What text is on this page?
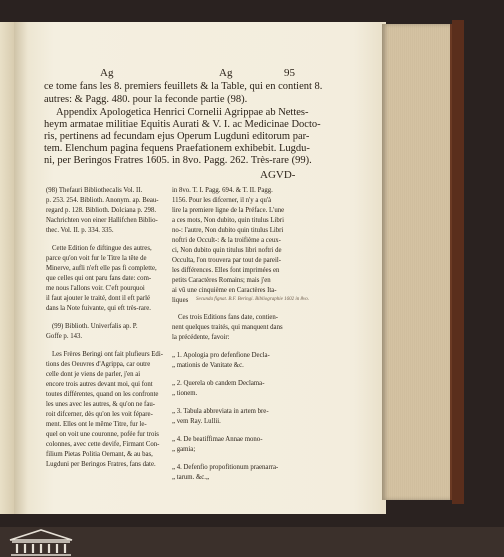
Ag	Ag	95
ce tome fans les 8. premiers feuillets & la Table, qui en contient 8.
autres: & Pagg. 480. pour la feconde partie (98).
Appendix Apologetica Henrici Cornelii Agrippae ab Nettes-
heym armatae militiae Equitis Aurati & V. I. ac Medicinae Docto-
ris, pertinens ad fecundam ejus Operum Lugduni editorum par-
tem. Elenchum pagina fequens Praefationem exhibebit. Lugdu-
ni, per Beringos Fratres 1605. in 8vo. Pagg. 262. Très-rare (99).
AGVD-
(98) Thefauri Bibliothecalis Vol. II.
p. 253. 254. Biblioth. Anonym. ap. Beau-
regard p. 128. Biblioth. Dolciana p. 298.
Nachrichten von einer Hallifchen Biblio-
thec. Vol. II. p. 334. 335.
Cette Edition fe diftingue des autres,
parce qu'on voit fur le Titre la tête de
Minerve, aufli n'eft elle pas fi complette,
que celles qui ont paru fans date: com-
me nous l'allons voir. C'eft pourquoi
il faut ajouter le traité, dont il eft parlé
dans la Note fuivante, qui eft très-rare.
(99) Biblioth. Univerfalis ap. P.
Goffe p. 143.
Les Frères Beringi ont fait plufieurs Edi-
tions des Oeuvres d'Agrippa, car outre
celle dont je viens de parler, j'en ai
encore trois autres devant moi, qui font
toutes différentes, quand on les confronte
les unes avec les autres, & qu'on ne fau-
roit difcerner, dès qu'on les voit fépare-
ment. Elles ont le même Titre, fur le-
quel on voit une couronne, pofée fur trois
colonnes, avec cette devife, Firmant Con-
filium Pietas Politia Oernant, & au bas,
Lugduni per Beringos Fratres, fans date.
in 8vo. T. I. Pagg. 694. & T. II. Pagg.
1156. Pour les difcerner, il n'y a qu'à
lire la premiere ligne de la Préface. L'une
a ces mots, Non dubito, quin titulus Libri
no-: l'autre, Non dubito quin titulus Libri
noftri de Occult-: & la troifième a ceux-
ci, Non dubito quin titulus libri noftri de
Occulta, l'on trouvera par tout de pareil-
les différences. Elles font imprimées en
petits Caractères Romains; mais j'en
ai vû une cinquième en Caractères Ita-
liques Secunda fignat. B.F. Beringi. Bibliographie 1602 in 8vo.
Ces trois Editions fans date, contien-
nent quelques traités, qui manquent dans
la précédente, favoir:
„ 1. Apologia pro defenfione Decla-
„ mationis de Vanitate &c.
„ 2. Querela ob candem Declama-
„ tionem.
„ 3. Tabula abbreviata in artem bre-
„ vem Ray. Lullii.
„ 4. De beatiffimae Annae mono-
„ gamia;
„ 4. Defenfio propofitionum praenarra-
„ tarum. &c.„
